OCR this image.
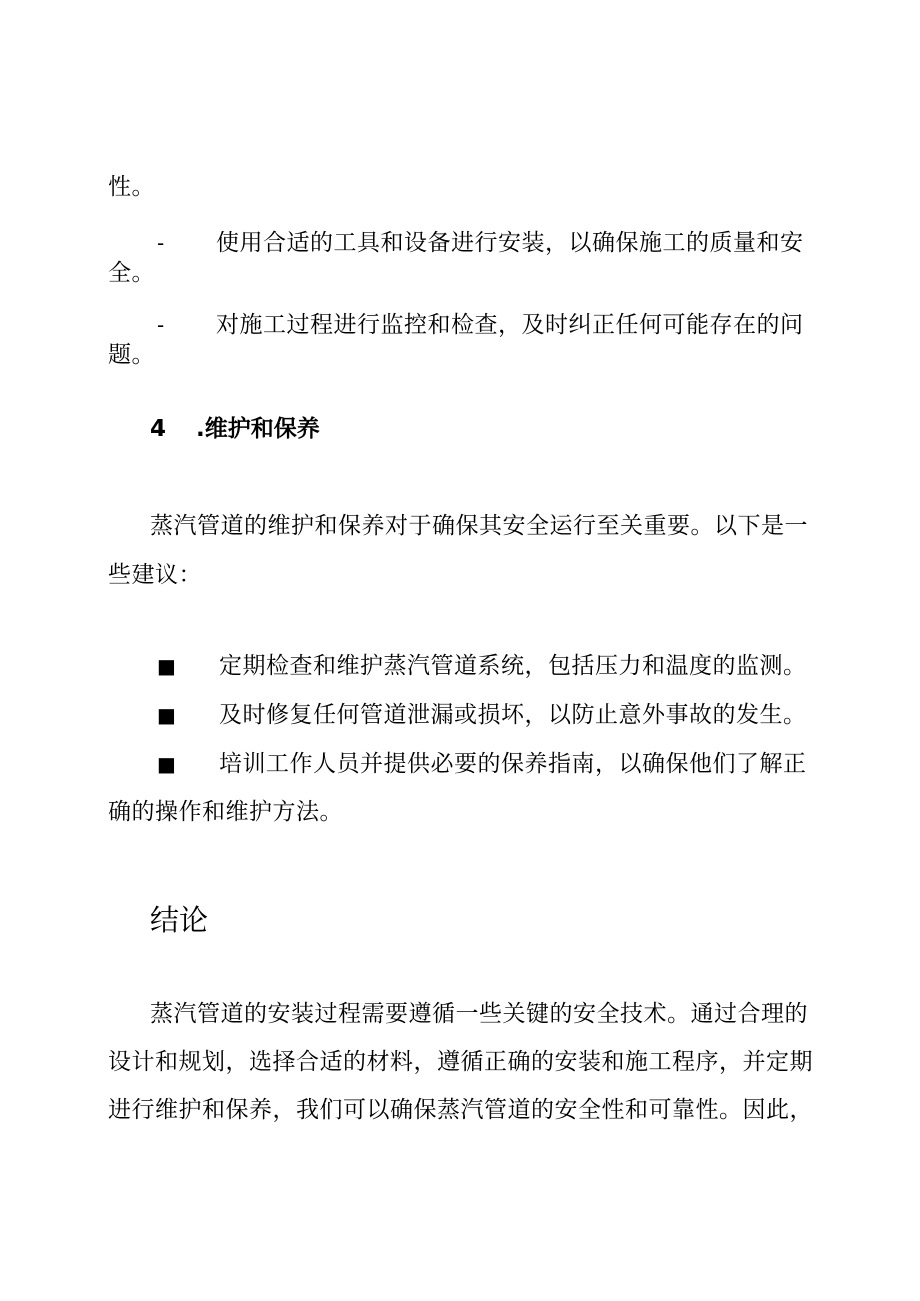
性。
- 使用合适的工具和设备进行安装，以确保施工的质量和安
全。
- 对施工过程进行监控和检查，及时纠正任何可能存在的问
题。
4 .维护和保养
蒸汽管道的维护和保养对于确保其安全运行至关重要。以下是一
些建议：
■ 定期检查和维护蒸汽管道系统，包括压力和温度的监测。
■ 及时修复任何管道泄漏或损坏，以防止意外事故的发生。
■ 培训工作人员并提供必要的保养指南，以确保他们了解正
确的操作和维护方法。
结论
蒸汽管道的安装过程需要遵循一些关键的安全技术。通过合理的
设计和规划，选择合适的材料，遵循正确的安装和施工程序，并定期
进行维护和保养，我们可以确保蒸汽管道的安全性和可靠性。因此，
